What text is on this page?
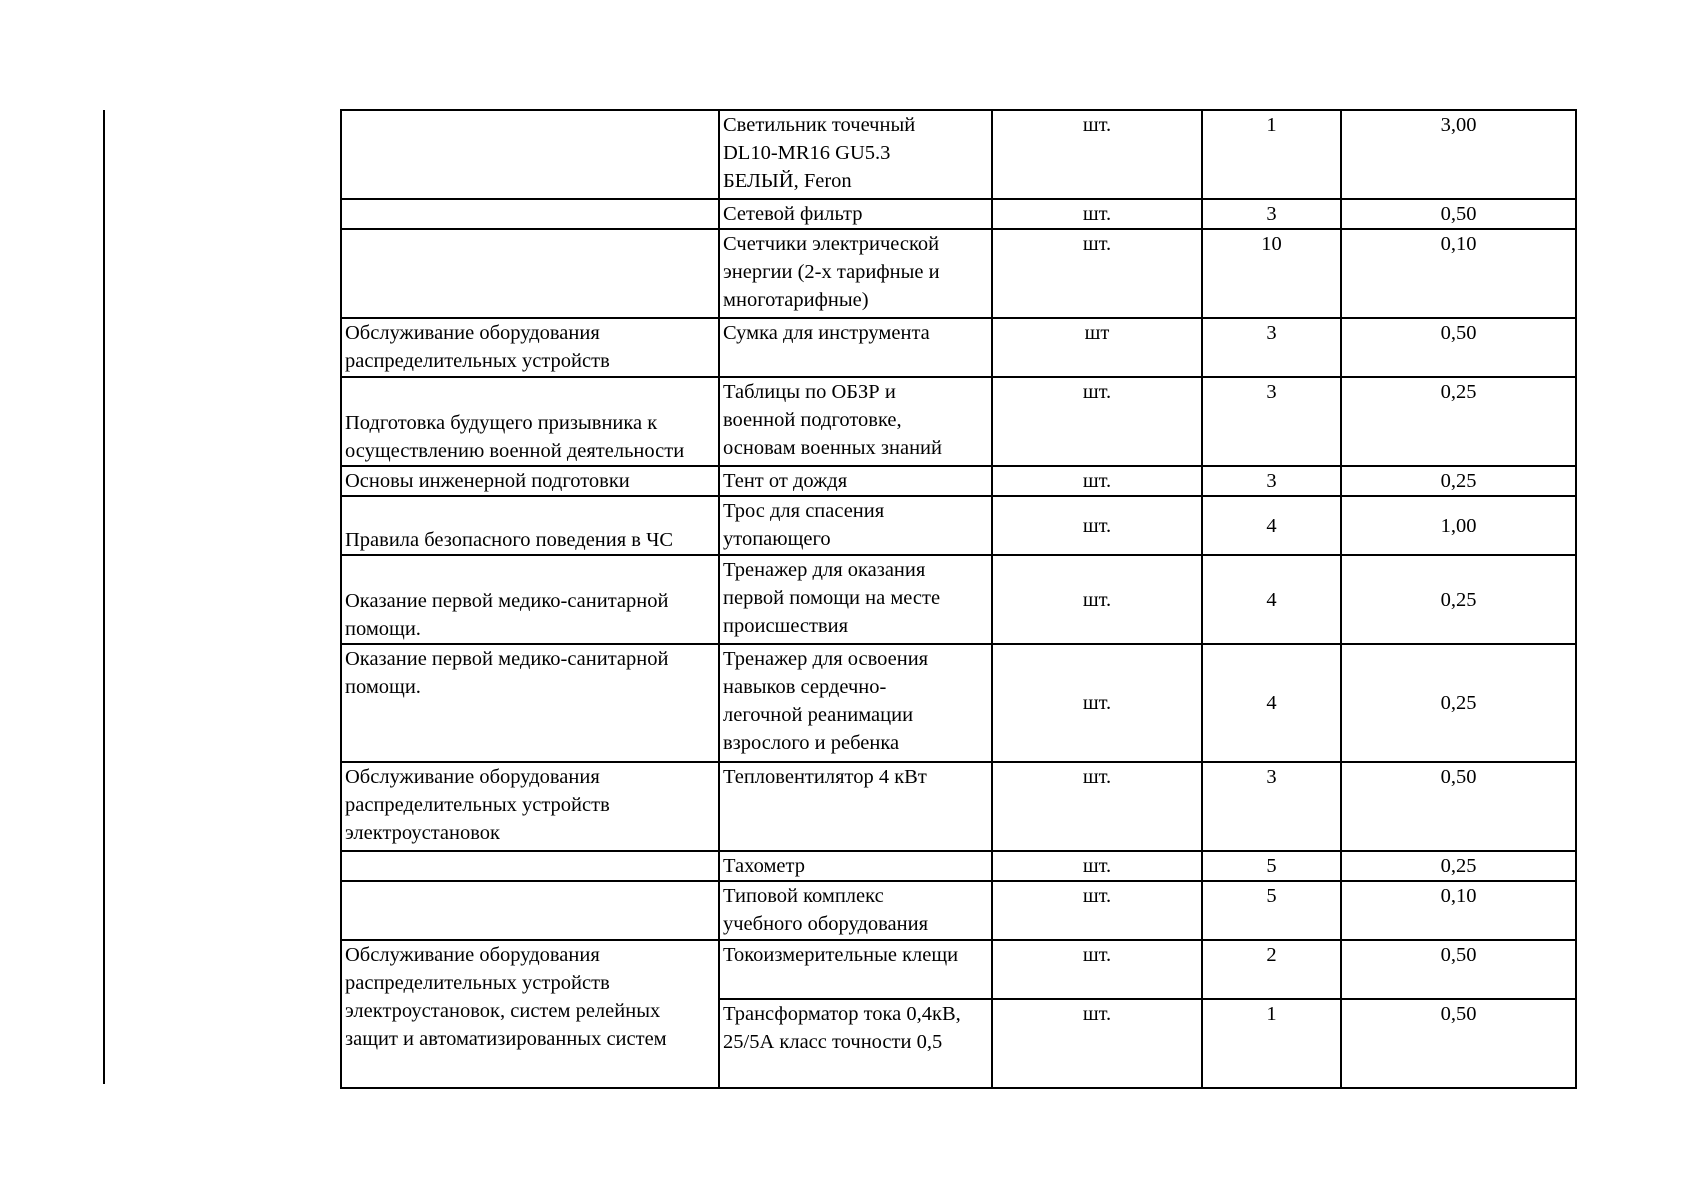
	Светильник точечный
DL10-MR16 GU5.3
БЕЛЫЙ, Feron	шт.	1	3,00

	Сетевой фильтр	шт.	3	0,50

	Счетчики электрической
энергии (2-х тарифные и
многотарифные)	шт.	10	0,10

Обслуживание оборудования
распределительных устройств	Сумка для инструмента	шт	3	0,50

Подготовка будущего призывника к
осуществлению военной деятельности	Таблицы по ОБЗР и
военной подготовке,
основам военных знаний	шт.	3	0,25

Основы инженерной подготовки	Тент от дождя	шт.	3	0,25

Правила безопасного поведения в ЧС	Трос для спасения
утопающего	шт.	4	1,00

Оказание первой медико-санитарной
помощи.	Тренажер для оказания
первой помощи на месте
происшествия	шт.	4	0,25

Оказание первой медико-санитарной
помощи.	Тренажер для освоения
навыков сердечно-
легочной реанимации
взрослого и ребенка	шт.	4	0,25

Обслуживание оборудования
распределительных устройств
электроустановок	Тепловентилятор 4 кВт	шт.	3	0,50

	Тахометр	шт.	5	0,25

	Типовой комплекс
учебного оборудования	шт.	5	0,10

Обслуживание оборудования
распределительных устройств
электроустановок, систем релейных
защит и автоматизированных систем	Токоизмерительные клещи	шт.	2	0,50

	Трансформатор тока 0,4кВ,
25/5А класс точности 0,5	шт.	1	0,50
